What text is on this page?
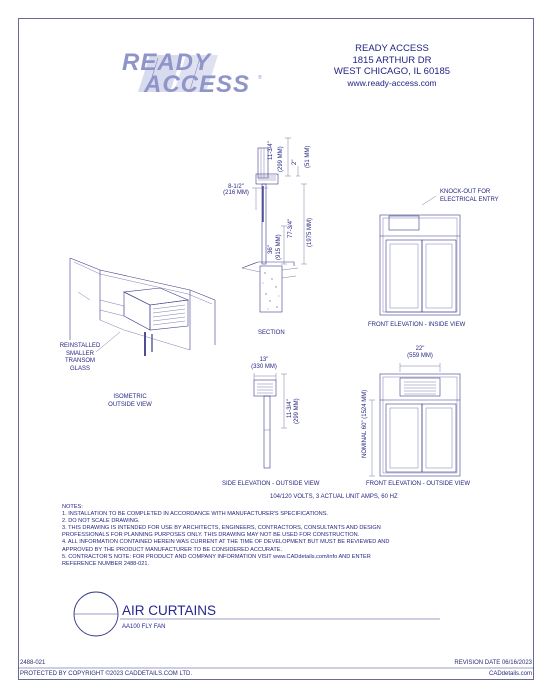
READY
ACCESS ®
READY ACCESS
1815 ARTHUR DR
WEST CHICAGO, IL 60185
www.ready-access.com
11-3/4" (299 MM) 2" (51 MM)
8-1/2"
(216 MM)
77-3/4" (1975 MM)
36" (915 MM)
SECTION
KNOCK-OUT FOR
ELECTRICAL ENTRY
FRONT ELEVATION - INSIDE VIEW
22"
(559 MM)
NOMINAL 60" (1524 MM)
FRONT ELEVATION - OUTSIDE VIEW
13"
(330 MM)
11-3/4" (299 MM)
SIDE ELEVATION - OUTSIDE VIEW
REINSTALLED
SMALLER
TRANSOM
GLASS
ISOMETRIC
OUTSIDE VIEW
104/120 VOLTS, 3 ACTUAL UNIT AMPS, 60 HZ
NOTES:
1. INSTALLATION TO BE COMPLETED IN ACCORDANCE WITH MANUFACTURER'S SPECIFICATIONS.
2. DO NOT SCALE DRAWING.
3. THIS DRAWING IS INTENDED FOR USE BY ARCHITECTS, ENGINEERS, CONTRACTORS, CONSULTANTS AND DESIGN
PROFESSIONALS FOR PLANNING PURPOSES ONLY. THIS DRAWING MAY NOT BE USED FOR CONSTRUCTION.
4. ALL INFORMATION CONTAINED HEREIN WAS CURRENT AT THE TIME OF DEVELOPMENT BUT MUST BE REVIEWED AND
APPROVED BY THE PRODUCT MANUFACTURER TO BE CONSIDERED ACCURATE.
5. CONTRACTOR'S NOTE: FOR PRODUCT AND COMPANY INFORMATION VISIT www.CADdetails.com/info AND ENTER
REFERENCE NUMBER 2488-021.
AIR CURTAINS
AA100 FLY FAN
2488-021	REVISION DATE 06/16/2023
PROTECTED BY COPYRIGHT ©2023 CADDETAILS.COM LTD.	CADdetails.com
